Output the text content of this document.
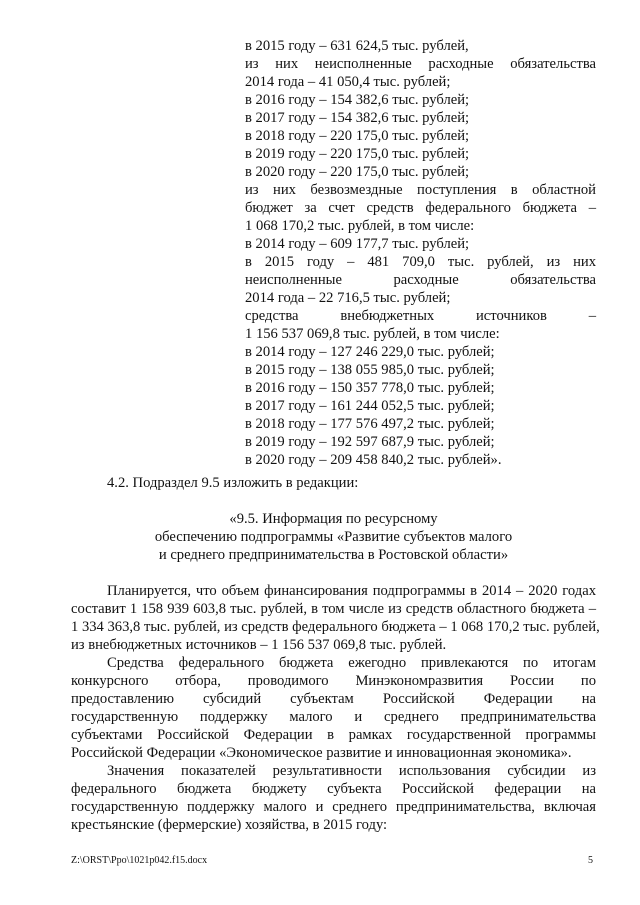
в 2015 году – 631 624,5 тыс. рублей,
из них неисполненные расходные обязательства
2014 года – 41 050,4 тыс. рублей;
в 2016 году – 154 382,6 тыс. рублей;
в 2017 году – 154 382,6 тыс. рублей;
в 2018 году – 220 175,0 тыс. рублей;
в 2019 году – 220 175,0 тыс. рублей;
в 2020 году – 220 175,0 тыс. рублей;
из них безвозмездные поступления в областной
бюджет за счет средств федерального бюджета –
1 068 170,2 тыс. рублей, в том числе:
в 2014 году – 609 177,7 тыс. рублей;
в 2015 году – 481 709,0 тыс. рублей, из них
неисполненные расходные обязательства
2014 года – 22 716,5 тыс. рублей;
средства внебюджетных источников –
1 156 537 069,8 тыс. рублей, в том числе:
в 2014 году – 127 246 229,0 тыс. рублей;
в 2015 году – 138 055 985,0 тыс. рублей;
в 2016 году – 150 357 778,0 тыс. рублей;
в 2017 году – 161 244 052,5 тыс. рублей;
в 2018 году – 177 576 497,2 тыс. рублей;
в 2019 году – 192 597 687,9 тыс. рублей;
в 2020 году – 209 458 840,2 тыс. рублей».
4.2. Подраздел 9.5 изложить в редакции:
«9.5. Информация по ресурсному
обеспечению подпрограммы «Развитие субъектов малого
и среднего предпринимательства в Ростовской области»
Планируется, что объем финансирования подпрограммы в 2014 – 2020 годах
составит 1 158 939 603,8 тыс. рублей, в том числе из средств областного бюджета –
1 334 363,8 тыс. рублей, из средств федерального бюджета – 1 068 170,2 тыс. рублей,
из внебюджетных источников – 1 156 537 069,8 тыс. рублей.
Средства федерального бюджета ежегодно привлекаются по итогам
конкурсного отбора, проводимого Минэкономразвития России по
предоставлению субсидий субъектам Российской Федерации на
государственную поддержку малого и среднего предпринимательства
субъектами Российской Федерации в рамках государственной программы
Российской Федерации «Экономическое развитие и инновационная экономика».
Значения показателей результативности использования субсидии из
федерального бюджета бюджету субъекта Российской федерации на
государственную поддержку малого и среднего предпринимательства, включая
крестьянские (фермерские) хозяйства, в 2015 году:
Z:\ORST\Ppo\1021p042.f15.docx	5
